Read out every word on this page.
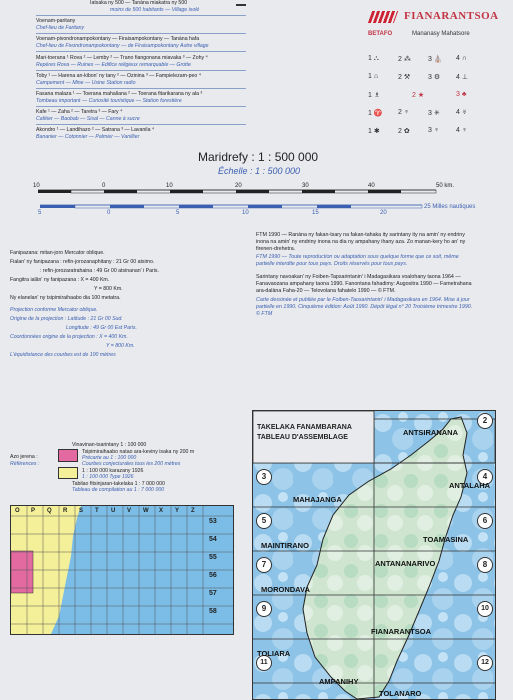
FIANARANTSOA
BETAFO	Mananasy Mahatsore
Iatsaka ny 500 — Tanàna miakatra ny 500
moins de 500 habitants — Village isolé
Voenam-paritany
Chef-lieu de Faritany
Voenam-pivondronampokontany — Firaisampokontany — Tanàna hafa
Chef-lieu de Fivondronampokontany — de Firaisampokontany Autre village
Mari-toerana ¹ Rova ² — Lemby ² — Trano fiangonana miavaka ³ — Zohy ⁴
Repères Rova — Ruines — Edifice religieux remarquable — Grotte
1 ⛬	2 ⁂ 3 ⛪ 4 ∩
Toby ¹ — Harena an-kibon' ny tany ² — Ozinina ³ — Fampielezam-peo ⁴
Campement — Mine — Usine Station radio
1 ⌂	2 ⚒	3 ⚙ 4 ⊥
Fasana malaza ¹ — Toerana mahaliana ² — Toerana fitarikarana ny ala ³
Tombeau important — Curiosité touristique — Station forestière
1 ♗	2 ★	3 ♣
Kafe ¹ — Zaha ² — Taretra ³ — Fary ⁴
Caféier — Baobab — Sisal — Canne à sucre
1 ♈ 2 ♆	3 ✳ 4 ♅
Akondro ¹ — Landihazo ² — Satrana ³ — Lavanila ⁴
Bananier — Cotonnier — Palmier — Vanillier
1 ✱	2 ✿	3 ♆ 4 ♆
Maridrefy : 1 : 500 000
Échelle : 1 : 500 000
10	0	10	20	30	40	50 km.
5	0	5	10	15	20
25 Milles nautiques
Fanipazana: mitan-joro Mercator oblique.
Fialan' ny fanipazana : refin-jorozanaphitany : 21 Gr 00 atsimo.
: refin-jorozaratrahaina : 49 Gr 00 atsinanan' i Paris.
Fangitra ialân' ny fanipazana : X = 400 Km.
Y = 800 Km.
Ny elanelan' ny tsipimiraihaabo dia 100 metatra.
Projection conforme Mercator oblique.
Origine de la projection : Latitude : 21 Gr 00 Sud.
Longitude : 49 Gr 00 Est Paris.
Coordonnées origine de la projection : X = 400 Km.
Y = 800 Km.
L'équidistance des courbes est de 100 mètres

FTM 1990 — Ranàna ny fakan-tsary na fakan-tahaka ity sarintany ity na amin' ny endriny inona na amin' ny endriny inona na dia ny ampahany ihany aza. Zo manan-kery ho an' ny firenen-drehetra.

FTM 1990 — Toute reproduction ou adaptation sous quelque forme que ce soit, même partielle interdite pour tous pays. Droits réservés pour tous pays.

Sarintany navoakan' ny Foiben-Tapsarintanin' i Madagasikara voalohany taona 1964 — Fanavaozana ampahany taona 1990. Fanontana fahadimy: Augositra 1990 — Fametrahana ara-dalàna Faha-20 — Telovolana fahatelo 1990 — © FTM.

Carte dessinée et publiée par le Foiben-Taosarintanin' i Madagasikara en 1964. Mise à jour partielle en 1990. Cinquième édition: Août 1990. Dépôt légal n° 20 Troisième trimestre 1990. © FTM

Azo jerena :
Références :
Vinavinan-tsarintany 1 : 100 000
Tsipimiraihaabo natao ara-keviny isaka ny 200 m
Précarte au 1 : 100 000
Courbes conjecturales tous les 200 mètres
1 : 100 000 karazany 1926
1 : 100 000 Type 1926
Tabilao fitsinjaran-takelaka 1 : 7 000 000
Tableau de compilation au 1 : 7 000 000
O P Q R S T U V W X Y Z
53
54
55
56
57
58
TAKELAKA FANAMBARANA
TABLEAU D'ASSEMBLAGE
2
3	4
5	6
7	8
9	10
11	12
ANTSIRANANA
ANTALAHA
MAHAJANGA
TOAMASINA
MAINTIRANO
ANTANANARIVO
MORONDAVA
FIANARANTSOA
TOLIARA
AMPANIHY
TOLANARO
